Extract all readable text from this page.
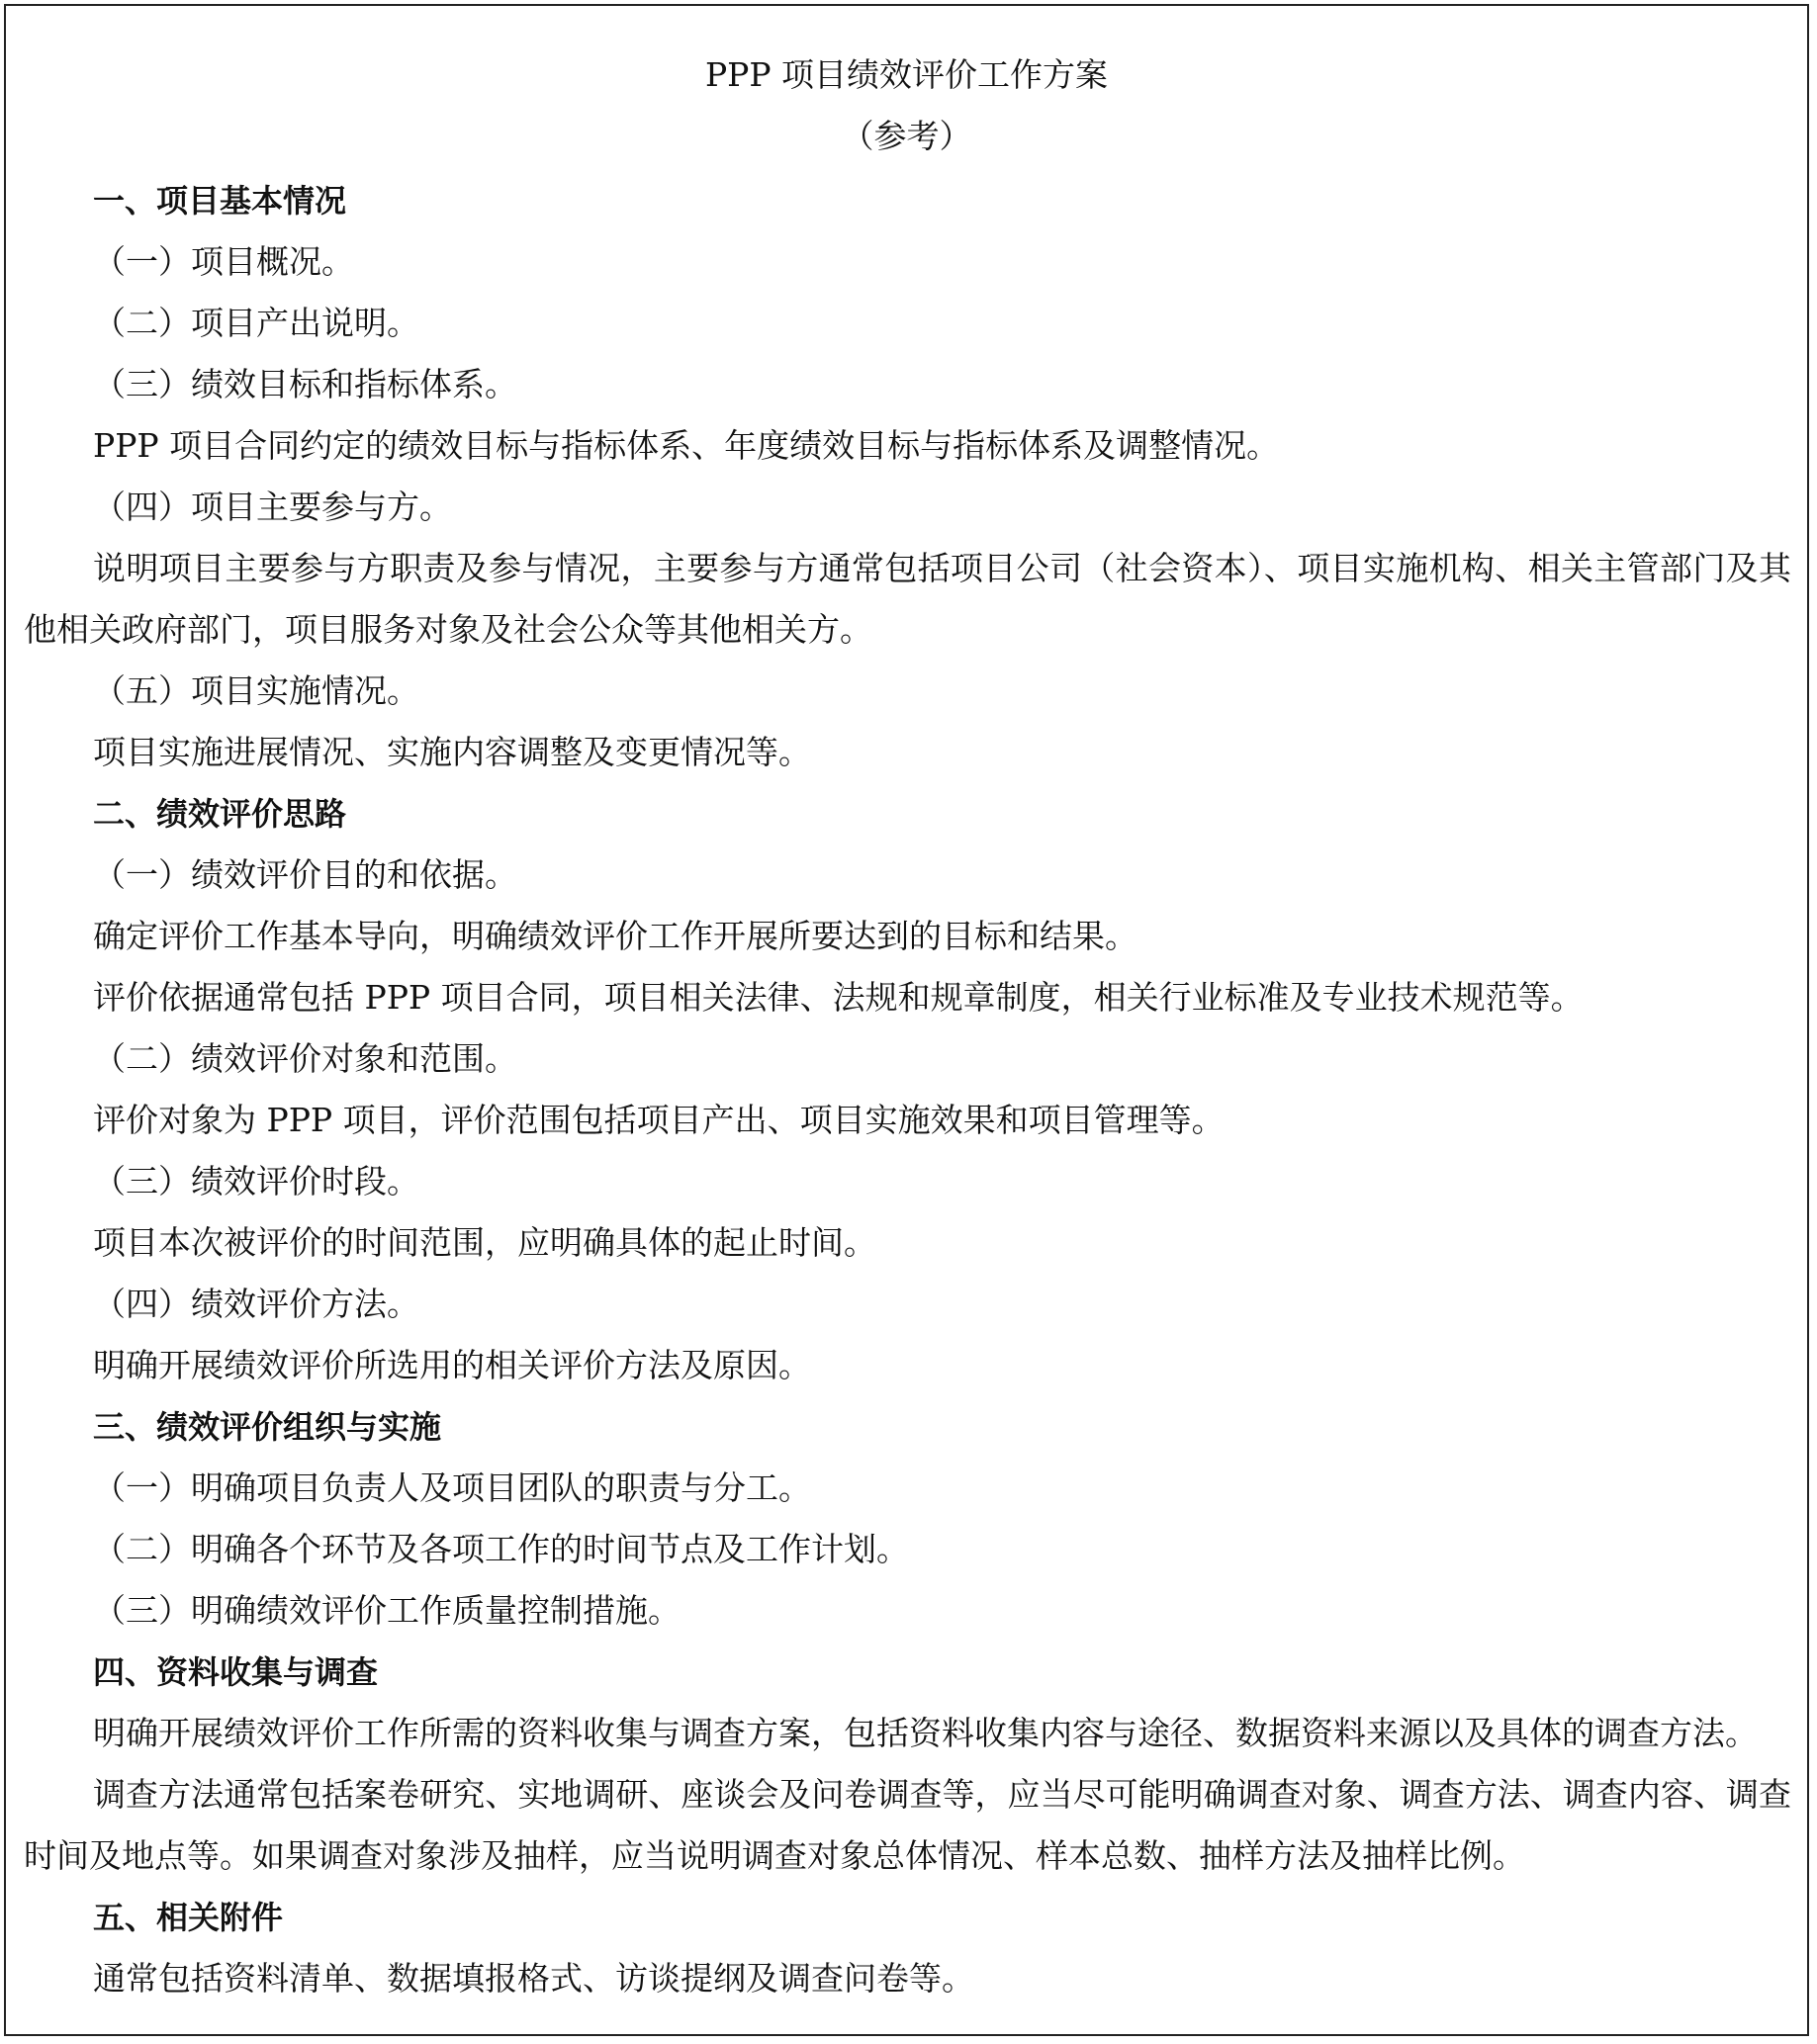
PPP 项目绩效评价工作方案
（参考）

一、项目基本情况

（一）项目概况。

（二）项目产出说明。

（三）绩效目标和指标体系。

PPP 项目合同约定的绩效目标与指标体系、年度绩效目标与指标体系及调整情况。

（四）项目主要参与方。

说明项目主要参与方职责及参与情况，主要参与方通常包括项目公司（社会资本）、项目实施机构、相关主管部门及其他相关政府部门，项目服务对象及社会公众等其他相关方。

（五）项目实施情况。

项目实施进展情况、实施内容调整及变更情况等。

二、绩效评价思路

（一）绩效评价目的和依据。

确定评价工作基本导向，明确绩效评价工作开展所要达到的目标和结果。

评价依据通常包括 PPP 项目合同，项目相关法律、法规和规章制度，相关行业标准及专业技术规范等。

（二）绩效评价对象和范围。

评价对象为 PPP 项目，评价范围包括项目产出、项目实施效果和项目管理等。

（三）绩效评价时段。

项目本次被评价的时间范围，应明确具体的起止时间。

（四）绩效评价方法。

明确开展绩效评价所选用的相关评价方法及原因。

三、绩效评价组织与实施

（一）明确项目负责人及项目团队的职责与分工。

（二）明确各个环节及各项工作的时间节点及工作计划。

（三）明确绩效评价工作质量控制措施。

四、资料收集与调查

明确开展绩效评价工作所需的资料收集与调查方案，包括资料收集内容与途径、数据资料来源以及具体的调查方法。

调查方法通常包括案卷研究、实地调研、座谈会及问卷调查等，应当尽可能明确调查对象、调查方法、调查内容、调查时间及地点等。如果调查对象涉及抽样，应当说明调查对象总体情况、样本总数、抽样方法及抽样比例。

五、相关附件

通常包括资料清单、数据填报格式、访谈提纲及调查问卷等。
